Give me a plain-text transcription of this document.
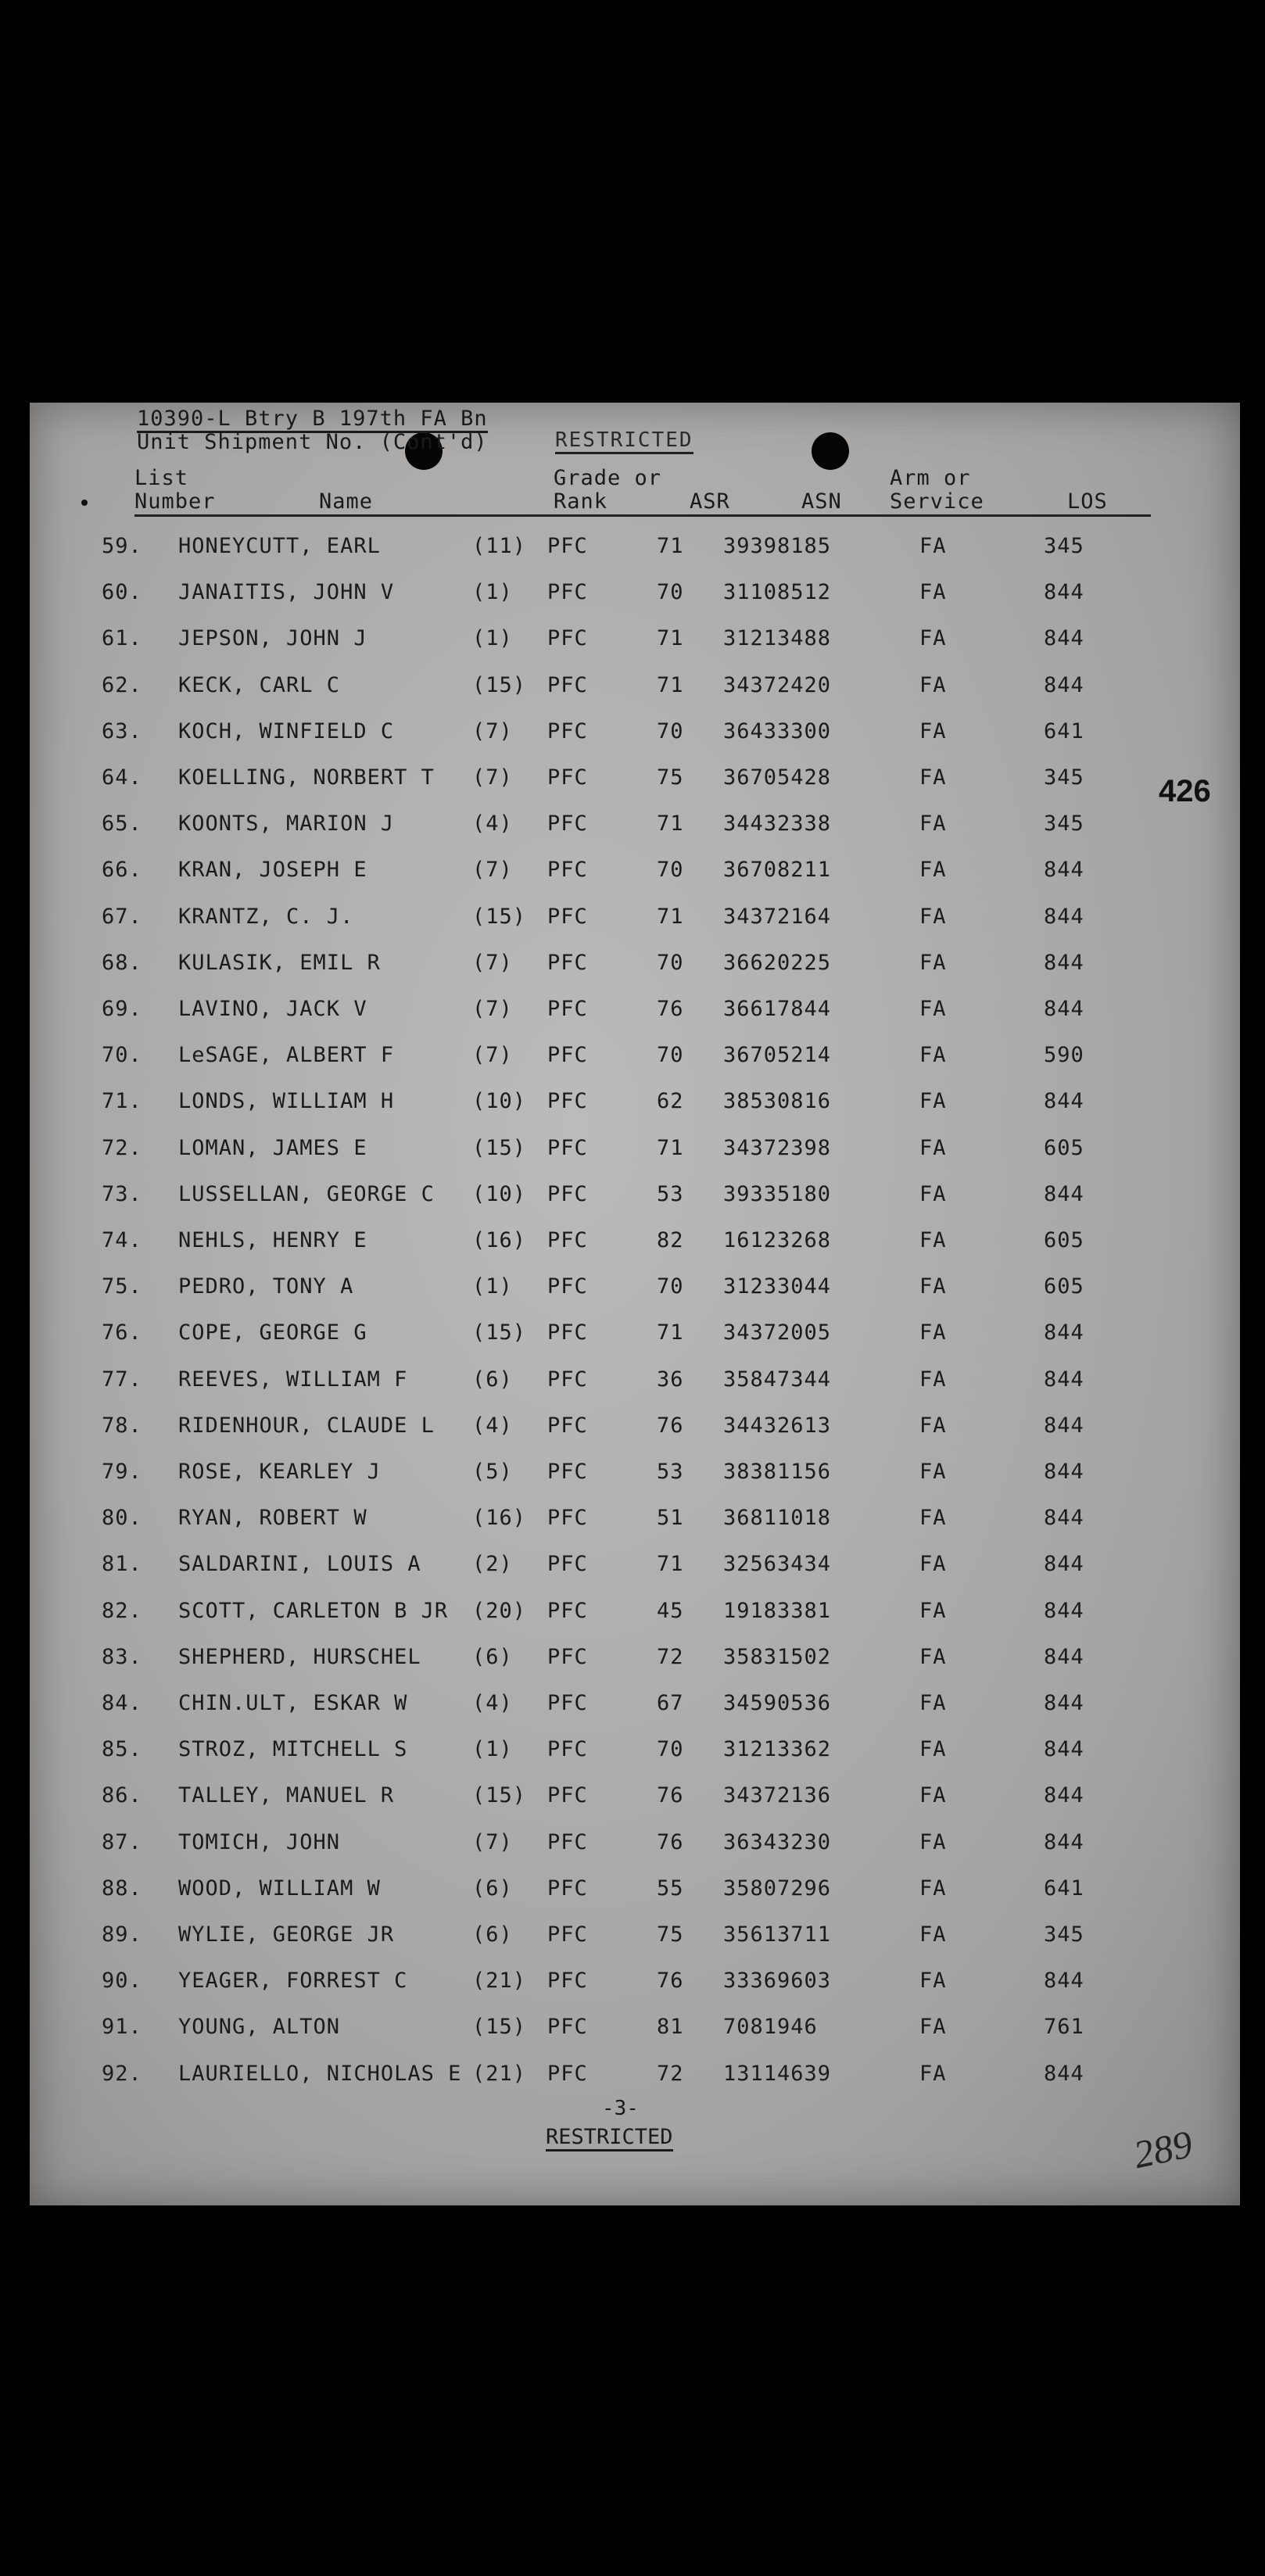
10390-L Btry B 197th FA Bn
Unit Shipment No. (Cont'd)	RESTRICTED
List
Number	Name
Grade or
Rank	ASR	ASN
Arm or
Service	LOS
59. HONEYCUTT, EARL	(11) PFC	71 39398185	FA	345
60. JANAITIS, JOHN V	(1) PFC	70 31108512	FA	844
61. JEPSON, JOHN J	(1) PFC	71 31213488	FA	844
62. KECK, CARL C	(15) PFC	71 34372420	FA	844
63. KOCH, WINFIELD C	(7) PFC	70 36433300	FA	641
64. KOELLING, NORBERT T (7) PFC	75 36705428	FA	345
65. KOONTS, MARION J	(4) PFC	71 34432338	FA	345
66. KRAN, JOSEPH E	(7) PFC	70 36708211	FA	844
67. KRANTZ, C. J.	(15) PFC	71 34372164	FA	844
68. KULASIK, EMIL R	(7) PFC	70 36620225	FA	844
69. LAVINO, JACK V	(7) PFC	76 36617844	FA	844
70. LeSAGE, ALBERT F	(7) PFC	70 36705214	FA	590
71. LONDS, WILLIAM H	(10) PFC	62 38530816	FA	844
72. LOMAN, JAMES E	(15) PFC	71 34372398	FA	605
73. LUSSELLAN, GEORGE C (10) PFC	53 39335180	FA	844
74. NEHLS, HENRY E	(16) PFC	82 16123268	FA	605
75. PEDRO, TONY A	(1) PFC	70 31233044	FA	605
76. COPE, GEORGE G	(15) PFC	71 34372005	FA	844
77. REEVES, WILLIAM F	(6) PFC	36 35847344	FA	844
78. RIDENHOUR, CLAUDE L (4) PFC	76 34432613	FA	844
79. ROSE, KEARLEY J	(5) PFC	53 38381156	FA	844
80. RYAN, ROBERT W	(16) PFC	51 36811018	FA	844
81. SALDARINI, LOUIS A (2) PFC	71 32563434	FA	844
82. SCOTT, CARLETON B JR (20) PFC	45 19183381	FA	844
83. SHEPHERD, HURSCHEL (6) PFC	72 35831502	FA	844
84. CHIN.ULT, ESKAR W	(4) PFC	67 34590536	FA	844
85. STROZ, MITCHELL S	(1) PFC	70 31213362	FA	844
86. TALLEY, MANUEL R	(15) PFC	76 34372136	FA	844
87. TOMICH, JOHN	(7) PFC	76 36343230	FA	844
88. WOOD, WILLIAM W	(6) PFC	55 35807296	FA	641
89. WYLIE, GEORGE JR	(6) PFC	75 35613711	FA	345
90. YEAGER, FORREST C	(21) PFC	76 33369603	FA	844
91. YOUNG, ALTON	(15) PFC	81 7081946	FA	761
92. LAURIELLO, NICHOLAS E (21) PFC	72 13114639	FA	844
426
-3-
RESTRICTED	289
